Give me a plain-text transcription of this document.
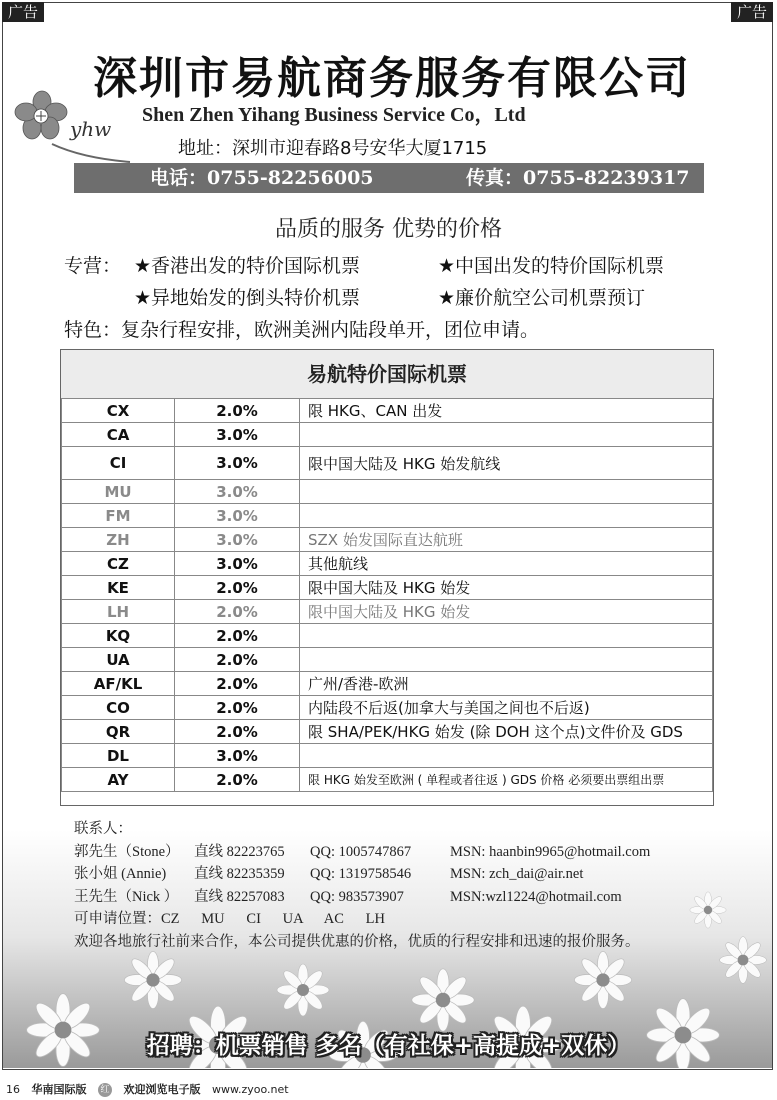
广告	广告
深圳市易航商务服务有限公司
Shen Zhen Yihang Business Service Co，Ltd
yhw
地址：深圳市迎春路8号安华大厦1715
电话：0755-82256005	传真：0755-82239317
品质的服务 优势的价格
专营： ★香港出发的特价国际机票	★中国出发的特价国际机票
★异地始发的倒头特价机票	★廉价航空公司机票预订
特色：复杂行程安排，欧洲美洲内陆段单开，团位申请。
易航特价国际机票
CX	2.0%	限 HKG、CAN 出发
CA	3.0%	
CI	3.0%	限中国大陆及 HKG 始发航线
MU	3.0%	
FM	3.0%	
ZH	3.0%	SZX 始发国际直达航班
CZ	3.0%	其他航线
KE	2.0%	限中国大陆及 HKG 始发
LH	2.0%	限中国大陆及 HKG 始发
KQ	2.0%	
UA	2.0%	
AF/KL	2.0%	广州/香港-欧洲
CO	2.0%	内陆段不后返(加拿大与美国之间也不后返)
QR	2.0%	限 SHA/PEK/HKG 始发 (除 DOH 这个点)文件价及 GDS
DL	3.0%	
AY	2.0%	限 HKG 始发至欧洲 ( 单程或者往返 ) GDS 价格 必须要出票组出票
联系人：
郭先生（Stone） 直线 82223765 QQ: 1005747867	MSN: haanbin9965@hotmail.com
张小姐 (Annie) 直线 82235359 QQ: 1319758546	MSN: zch_dai@air.net
王先生（Nick ） 直线 82257083 QQ: 983573907	MSN:wzl1224@hotmail.com
可申请位置：CZ      MU      CI      UA      AC      LH
欢迎各地旅行社前来合作，本公司提供优惠的价格，优质的行程安排和迅速的报价服务。
招聘：机票销售 多名（有社保+高提成+双休）
16 华南国际版 红 欢迎浏览电子版 www.zyoo.net
